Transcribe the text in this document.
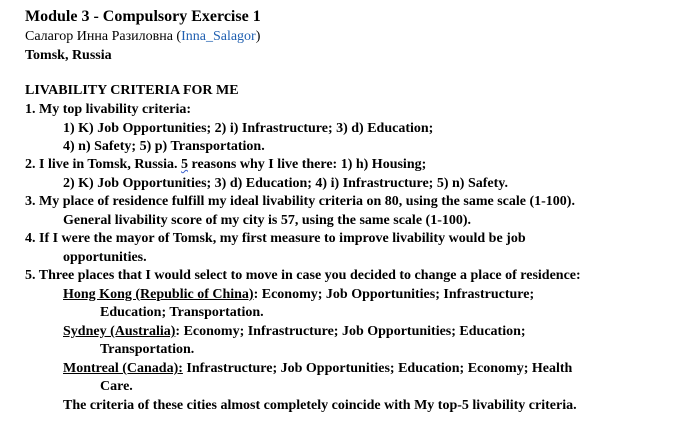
Module 3 - Compulsory Exercise 1
Салагор Инна Разиловна (Inna_Salagor)
Tomsk, Russia
LIVABILITY CRITERIA FOR ME
1. My top livability criteria:
1) K) Job Opportunities; 2) i) Infrastructure; 3) d) Education;
4) n) Safety; 5) p) Transportation.
2. I live in Tomsk, Russia. 5 reasons why I live there: 1) h) Housing;
2) K) Job Opportunities; 3) d) Education; 4) i) Infrastructure; 5) n) Safety.
3. My place of residence fulfill my ideal livability criteria on 80, using the same scale (1-100).
General livability score of my city is 57, using the same scale (1-100).
4. If I were the mayor of Tomsk, my first measure to improve livability would be job
opportunities.
5. Three places that I would select to move in case you decided to change a place of residence:
Hong Kong (Republic of China): Economy; Job Opportunities; Infrastructure;
Education; Transportation.
Sydney (Australia): Economy; Infrastructure; Job Opportunities; Education;
Transportation.
Montreal (Canada): Infrastructure; Job Opportunities; Education; Economy; Health
Care.
The criteria of these cities almost completely coincide with My top-5 livability criteria.
